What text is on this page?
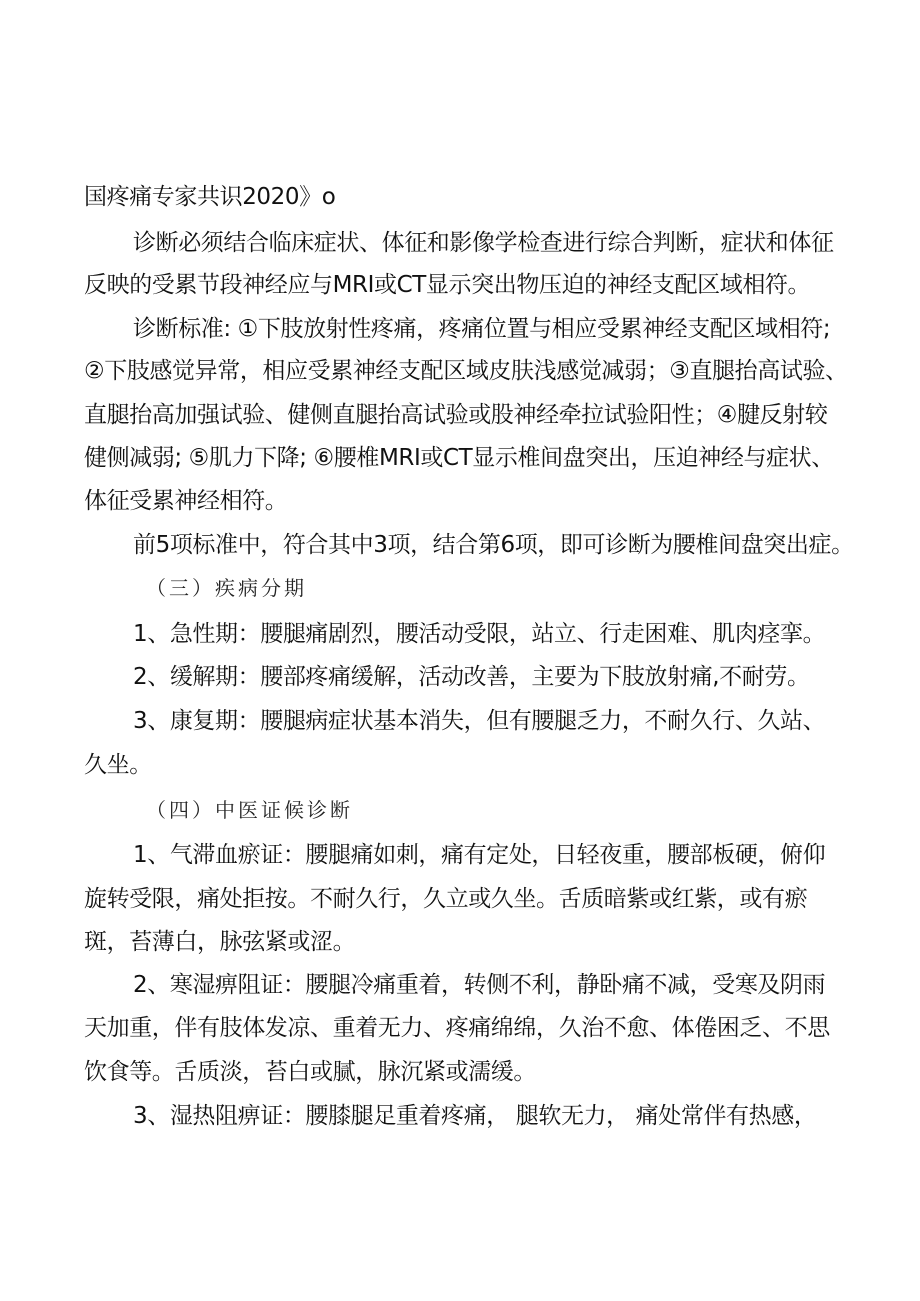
国疼痛专家共识2020》o
诊断必须结合临床症状、体征和影像学检查进行综合判断，症状和体征
反映的受累节段神经应与MRI或CT显示突出物压迫的神经支配区域相符。
诊断标准: ①下肢放射性疼痛，疼痛位置与相应受累神经支配区域相符;
②下肢感觉异常，相应受累神经支配区域皮肤浅感觉减弱；③直腿抬高试验、
直腿抬高加强试验、健侧直腿抬高试验或股神经牵拉试验阳性；④腱反射较
健侧减弱; ⑤肌力下降; ⑥腰椎MRI或CT显示椎间盘突出，压迫神经与症状、
体征受累神经相符。
前5项标准中，符合其中3项，结合第6项，即可诊断为腰椎间盘突出症。
（三）疾病分期
1、急性期：腰腿痛剧烈，腰活动受限，站立、行走困难、肌肉痉挛。
2、缓解期：腰部疼痛缓解，活动改善，主要为下肢放射痛,不耐劳。
3、康复期：腰腿病症状基本消失，但有腰腿乏力，不耐久行、久站、
久坐。
（四）中医证候诊断
1、气滞血瘀证：腰腿痛如刺，痛有定处，日轻夜重，腰部板硬，俯仰
旋转受限，痛处拒按。不耐久行，久立或久坐。舌质暗紫或红紫，或有瘀
斑，苔薄白，脉弦紧或涩。
2、寒湿痹阻证：腰腿冷痛重着，转侧不利，静卧痛不减，受寒及阴雨
天加重，伴有肢体发凉、重着无力、疼痛绵绵，久治不愈、体倦困乏、不思
饮食等。舌质淡，苔白或腻，脉沉紧或濡缓。
3、湿热阻痹证：腰膝腿足重着疼痛， 腿软无力， 痛处常伴有热感，
